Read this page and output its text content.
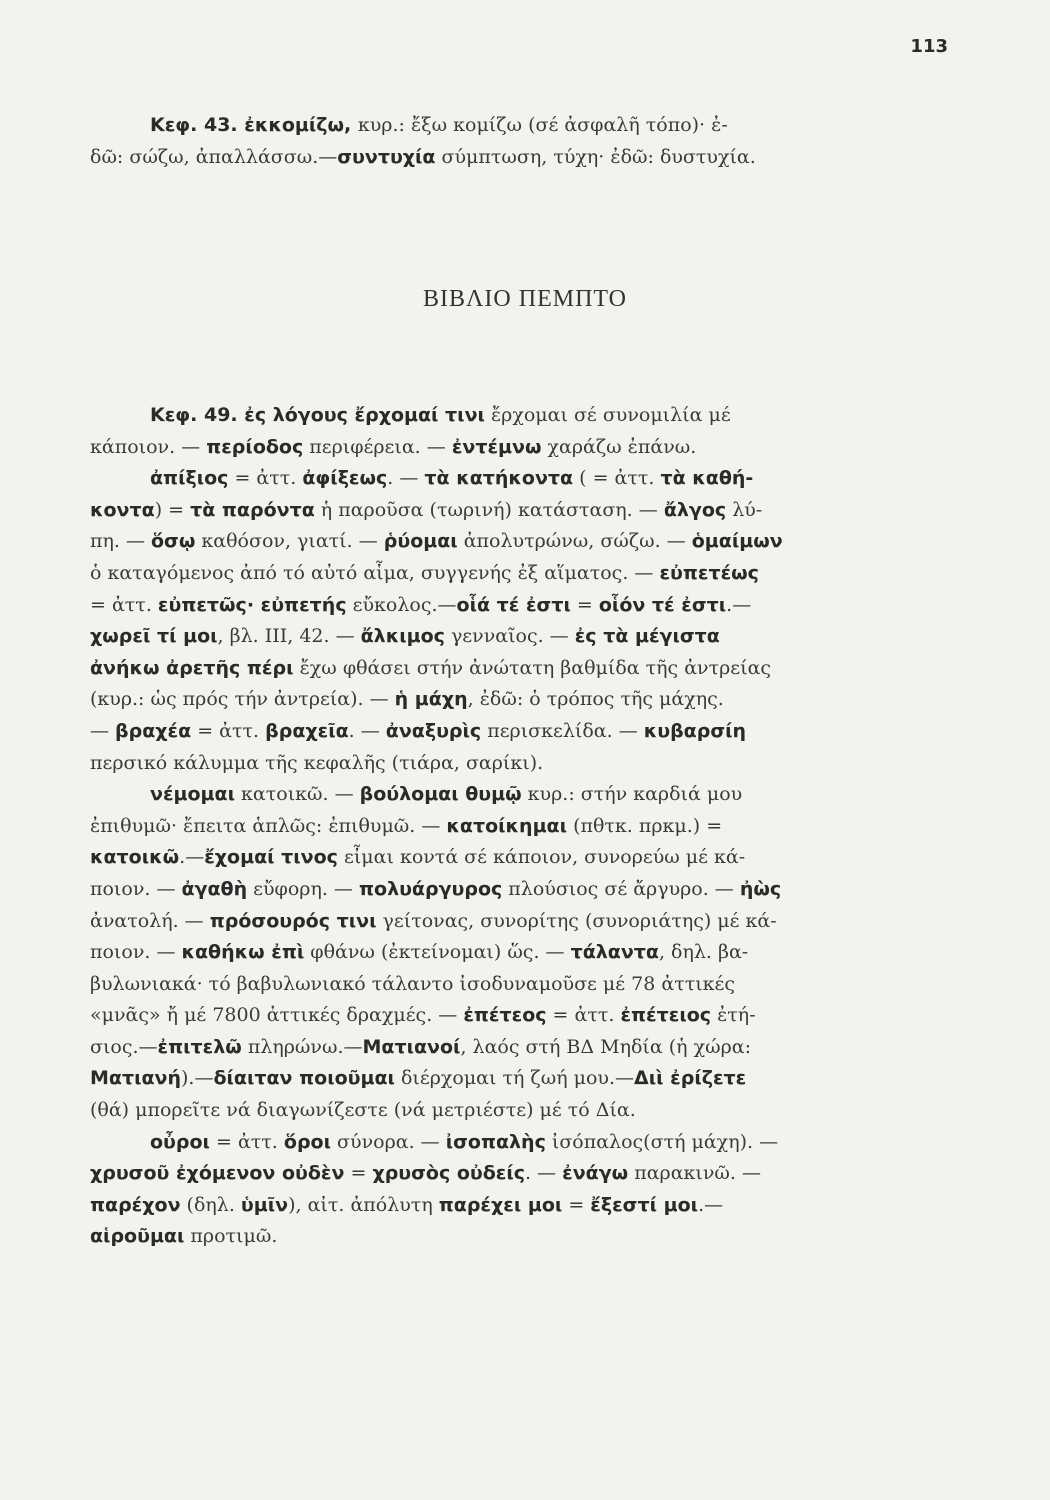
113
Κεφ. 43. ἐκκομίζω, κυρ.: ἔξω κομίζω (σέ ἀσφαλῆ τόπο)· ἐ-
δῶ: σώζω, ἀπαλλάσσω.—συντυχία σύμπτωση, τύχη· ἐδῶ: δυστυχία.
ΒΙΒΛΙΟ ΠΕΜΠΤΟ
Κεφ. 49. ἐς λόγους ἔρχομαί τινι ἔρχομαι σέ συνομιλία μέ
κάποιον. — περίοδος περιφέρεια. — ἐντέμνω χαράζω ἐπάνω.
ἀπίξιος = ἀττ. ἀφίξεως. — τὰ κατήκοντα ( = ἀττ. τὰ καθή-
κοντα) = τὰ παρόντα ἡ παροῦσα (τωρινή) κατάσταση. — ἄλγος λύ-
πη. — ὅσῳ καθόσον, γιατί. — ῥύομαι ἀπολυτρώνω, σώζω. — ὁμαίμων
ὁ καταγόμενος ἀπό τό αὐτό αἷμα, συγγενής ἐξ αἵματος. — εὐπετέως
= ἀττ. εὐπετῶς· εὐπετής εὔκολος.—οἷά τέ ἐστι = οἷόν τέ ἐστι.—
χωρεῖ τί μοι, βλ. ΙΙΙ, 42. — ἄλκιμος γενναῖος. — ἐς τὰ μέγιστα
ἀνήκω ἀρετῆς πέρι ἔχω φθάσει στήν ἀνώτατη βαθμίδα τῆς ἀντρείας
(κυρ.: ὡς πρός τήν ἀντρεία). — ἡ μάχη, ἐδῶ: ὁ τρόπος τῆς μάχης.
— βραχέα = ἀττ. βραχεῖα. — ἀναξυρὶς περισκελίδα. — κυβαρσίη
περσικό κάλυμμα τῆς κεφαλῆς (τιάρα, σαρίκι).
νέμομαι κατοικῶ. — βούλομαι θυμῷ κυρ.: στήν καρδιά μου
ἐπιθυμῶ· ἔπειτα ἁπλῶς: ἐπιθυμῶ. — κατοίκημαι (πθτκ. πρκμ.) =
κατοικῶ.—ἔχομαί τινος εἶμαι κοντά σέ κάποιον, συνορεύω μέ κά-
ποιον. — ἀγαθὴ εὔφορη. — πολυάργυρος πλούσιος σέ ἄργυρο. — ἠὼς
ἀνατολή. — πρόσουρός τινι γείτονας, συνορίτης (συνοριάτης) μέ κά-
ποιον. — καθήκω ἐπὶ φθάνω (ἐκτείνομαι) ὥς. — τάλαντα, δηλ. βα-
βυλωνιακά· τό βαβυλωνιακό τάλαντο ἰσοδυναμοῦσε μέ 78 ἀττικές
«μνᾶς» ἤ μέ 7800 ἀττικές δραχμές. — ἐπέτεος = ἀττ. ἐπέτειος ἐτή-
σιος.—ἐπιτελῶ πληρώνω.—Ματιανοί, λαός στή ΒΔ Μηδία (ἡ χώρα:
Ματιανή).—δίαιταν ποιοῦμαι διέρχομαι τή ζωή μου.—Διὶ ἐρίζετε
(θά) μπορεῖτε νά διαγωνίζεστε (νά μετριέστε) μέ τό Δία.
οὖροι = ἀττ. ὅροι σύνορα. — ἰσοπαλὴς ἰσόπαλος(στή μάχη). —
χρυσοῦ ἐχόμενον οὐδὲν = χρυσὸς οὐδείς. — ἐνάγω παρακινῶ. —
παρέχον (δηλ. ὑμῖν), αἰτ. ἀπόλυτη παρέχει μοι = ἔξεστί μοι.—
αἱροῦμαι προτιμῶ.
